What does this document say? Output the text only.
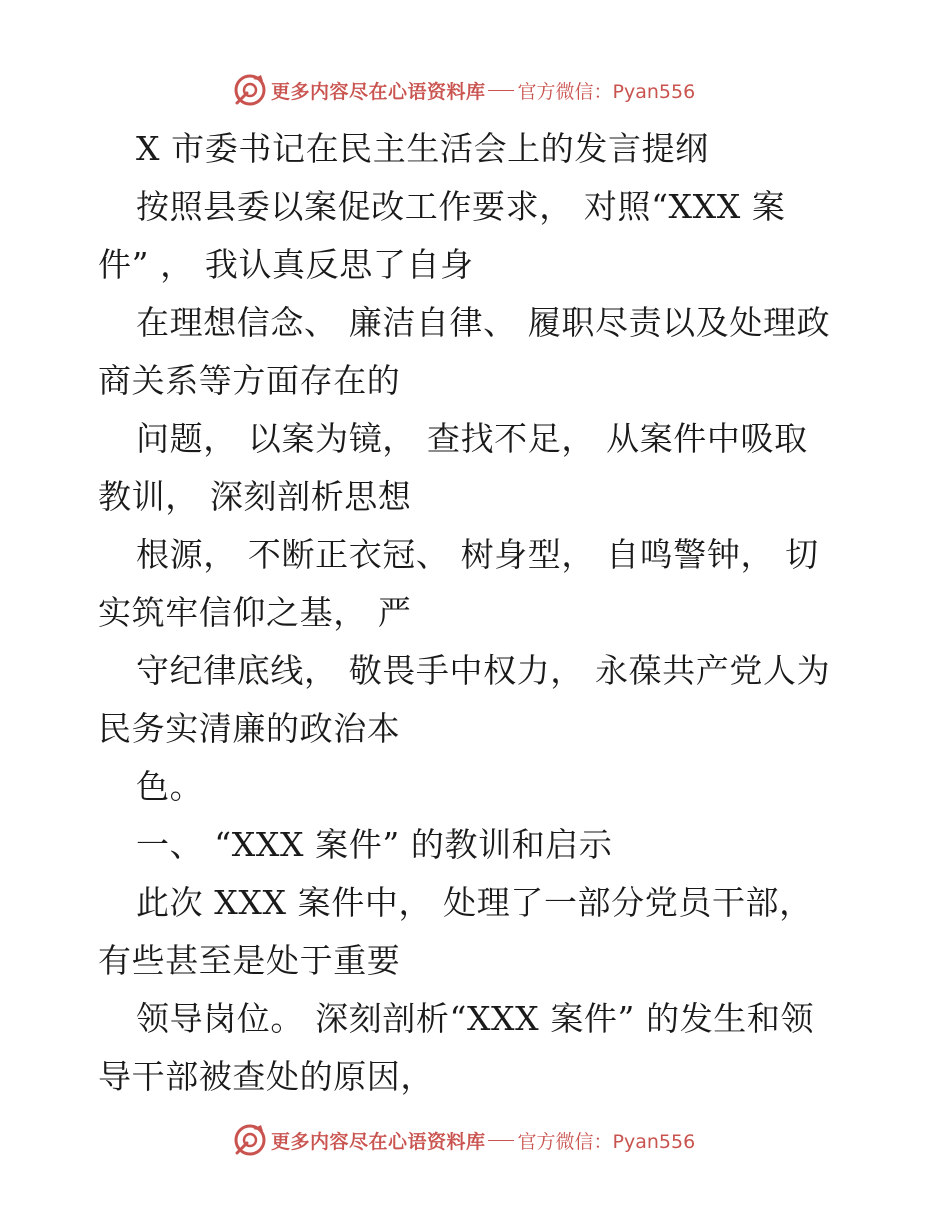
更多内容尽在心语资料库 官方微信：Pyan556
X 市委书记在民主生活会上的发言提纲
按照县委以案促改工作要求， 对照“XXX 案
件” ， 我认真反思了自身
在理想信念、 廉洁自律、 履职尽责以及处理政
商关系等方面存在的
问题， 以案为镜， 查找不足， 从案件中吸取
教训， 深刻剖析思想
根源， 不断正衣冠、 树身型， 自鸣警钟， 切
实筑牢信仰之基， 严
守纪律底线， 敬畏手中权力， 永葆共产党人为
民务实清廉的政治本
色。
一、 “XXX 案件” 的教训和启示
此次 XXX 案件中， 处理了一部分党员干部，
有些甚至是处于重要
领导岗位。 深刻剖析“XXX 案件” 的发生和领
导干部被查处的原因，
更多内容尽在心语资料库 官方微信：Pyan556
